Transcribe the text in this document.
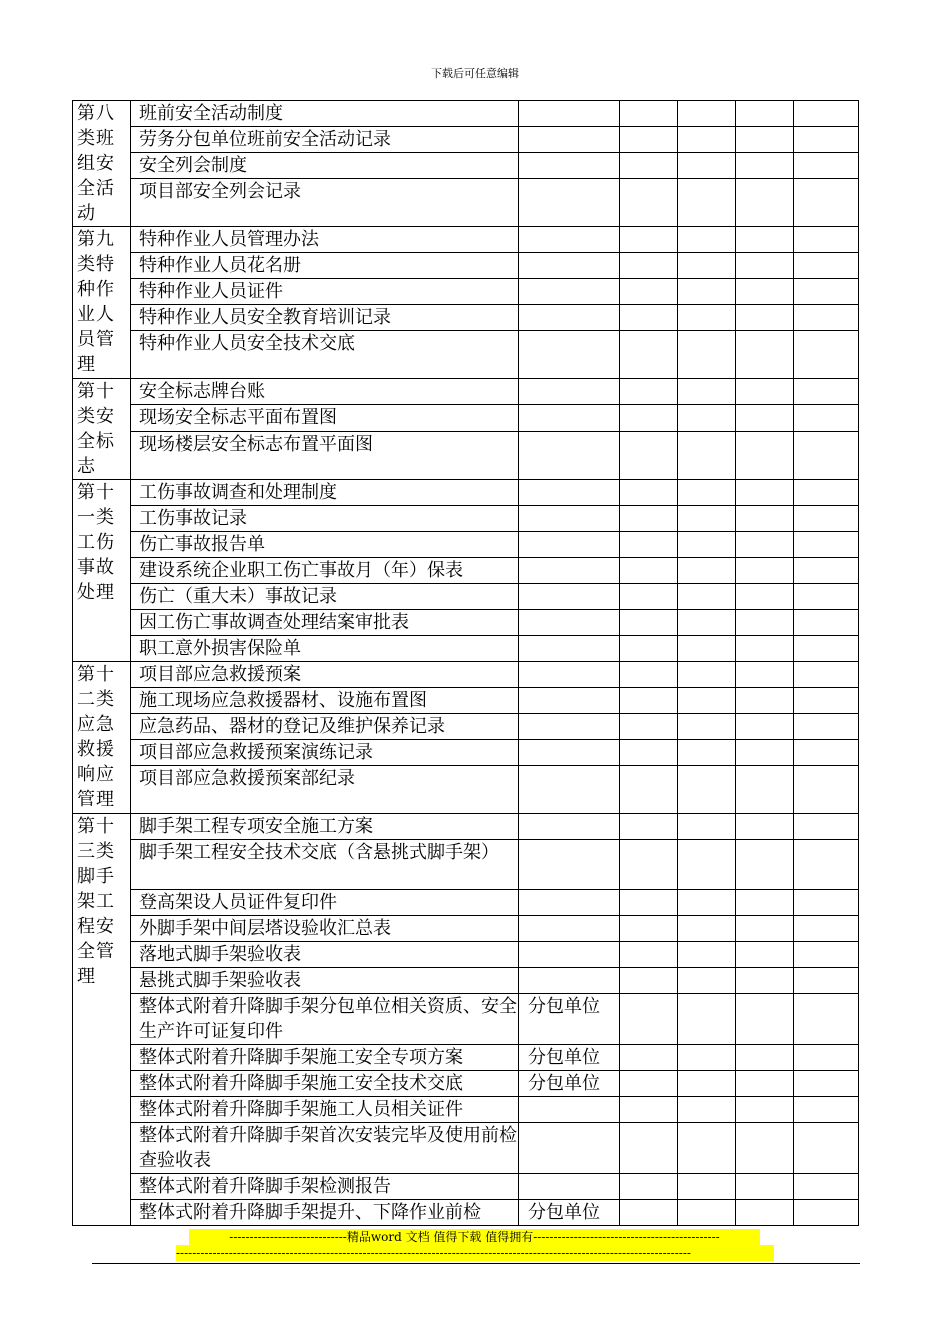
下载后可任意编辑
第八类班组安全活动	班前安全活动制度					
	劳务分包单位班前安全活动记录					
	安全列会制度					
	项目部安全列会记录					
第九类特种作业人员管理	特种作业人员管理办法					
	特种作业人员花名册					
	特种作业人员证件					
	特种作业人员安全教育培训记录					
	特种作业人员安全技术交底					
第十类安全标志	安全标志牌台账					
	现场安全标志平面布置图					
	现场楼层安全标志布置平面图					
第十一类工伤事故处理	工伤事故调查和处理制度					
	工伤事故记录					
	伤亡事故报告单					
	建设系统企业职工伤亡事故月（年）保表					
	伤亡（重大未）事故记录					
	因工伤亡事故调查处理结案审批表					
	职工意外损害保险单					
第十二类应急救援响应管理	项目部应急救援预案					
	施工现场应急救援器材、设施布置图					
	应急药品、器材的登记及维护保养记录					
	项目部应急救援预案演练记录					
	项目部应急救援预案部纪录					
第十三类脚手架工程安全管理	脚手架工程专项安全施工方案					
	脚手架工程安全技术交底（含悬挑式脚手架）					
	登高架设人员证件复印件					
	外脚手架中间层塔设验收汇总表					
	落地式脚手架验收表					
	悬挑式脚手架验收表					
	整体式附着升降脚手架分包单位相关资质、安全生产许可证复印件	分包单位				
	整体式附着升降脚手架施工安全专项方案	分包单位				
	整体式附着升降脚手架施工安全技术交底	分包单位				
	整体式附着升降脚手架施工人员相关证件					
	整体式附着升降脚手架首次安装完毕及使用前检查验收表					
	整体式附着升降脚手架检测报告					
	整体式附着升降脚手架提升、下降作业前检	分包单位				
-----------------------------精品word 文档 值得下载 值得拥有----------------------------------------------
-------------------------------------------------------------------------------------------------------------------------------
